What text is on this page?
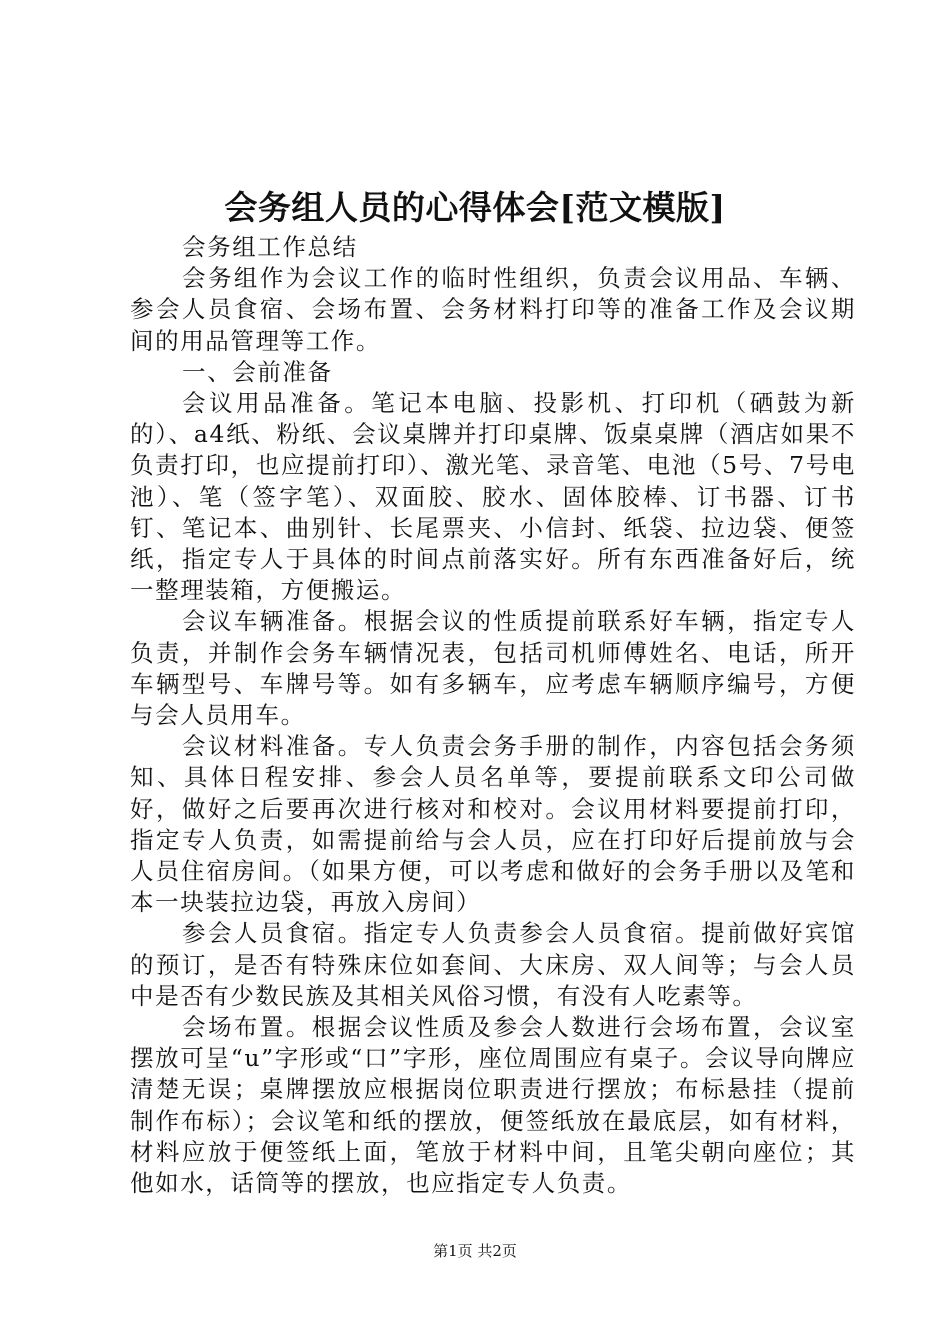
会务组人员的心得体会[范文模版]

会务组工作总结

会务组作为会议工作的临时性组织，负责会议用品、车辆、参会人员食宿、会场布置、会务材料打印等的准备工作及会议期间的用品管理等工作。

一、会前准备

会议用品准备。笔记本电脑、投影机、打印机（硒鼓为新的）、a4纸、粉纸、会议桌牌并打印桌牌、饭桌桌牌（酒店如果不负责打印，也应提前打印）、激光笔、录音笔、电池（5号、7号电池）、笔（签字笔）、双面胶、胶水、固体胶棒、订书器、订书钉、笔记本、曲别针、长尾票夹、小信封、纸袋、拉边袋、便签纸，指定专人于具体的时间点前落实好。所有东西准备好后，统一整理装箱，方便搬运。

会议车辆准备。根据会议的性质提前联系好车辆，指定专人负责，并制作会务车辆情况表，包括司机师傅姓名、电话，所开车辆型号、车牌号等。如有多辆车，应考虑车辆顺序编号，方便与会人员用车。

会议材料准备。专人负责会务手册的制作，内容包括会务须知、具体日程安排、参会人员名单等，要提前联系文印公司做好，做好之后要再次进行核对和校对。会议用材料要提前打印，指定专人负责，如需提前给与会人员，应在打印好后提前放与会人员住宿房间。（如果方便，可以考虑和做好的会务手册以及笔和本一块装拉边袋，再放入房间）

参会人员食宿。指定专人负责参会人员食宿。提前做好宾馆的预订，是否有特殊床位如套间、大床房、双人间等；与会人员中是否有少数民族及其相关风俗习惯，有没有人吃素等。

会场布置。根据会议性质及参会人数进行会场布置，会议室摆放可呈“u”字形或“口”字形，座位周围应有桌子。会议导向牌应清楚无误；桌牌摆放应根据岗位职责进行摆放；布标悬挂（提前制作布标）；会议笔和纸的摆放，便签纸放在最底层，如有材料，材料应放于便签纸上面，笔放于材料中间，且笔尖朝向座位；其他如水，话筒等的摆放，也应指定专人负责。

第1页 共2页
